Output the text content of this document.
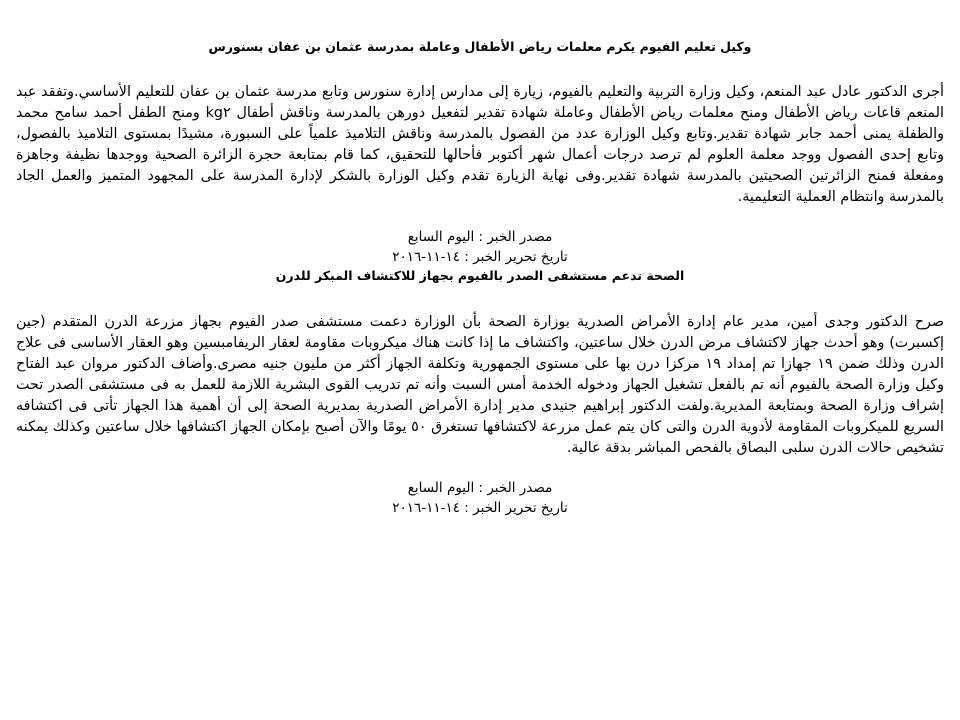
وكيل تعليم الفيوم يكرم معلمات رياض الأطفال وعاملة بمدرسة عثمان بن عفان بسنورس

أجرى الدكتور عادل عبد المنعم، وكيل وزارة التربية والتعليم بالفيوم، زيارة إلى مدارس إدارة سنورس وتابع مدرسة عثمان بن عفان للتعليم الأساسي.وتفقد عبد المنعم قاعات رياض الأطفال ومنح معلمات رياض الأطفال وعاملة شهادة تقدير لتفعيل دورهن بالمدرسة وناقش أطفال kg٢ ومنح الطفل أحمد سامح محمد والطفلة يمنى أحمد جابر شهادة تقدير.وتابع وكيل الوزارة عدد من الفصول بالمدرسة وناقش التلاميذ علمياً على السبورة، مشيدًا بمستوى التلاميذ بالفصول، وتابع إحدى الفصول ووجد معلمة العلوم لم ترصد درجات أعمال شهر أكتوبر فأحالها للتحقيق، كما قام بمتابعة حجرة الزائرة الصحية ووجدها نظيفة وجاهزة ومفعلة فمنح الزائرتين الصحيتين بالمدرسة شهادة تقدير.وفى نهاية الزيارة تقدم وكيل الوزارة بالشكر لإدارة المدرسة على المجهود المتميز والعمل الجاد بالمدرسة وانتظام العملية التعليمية.

مصدر الخبر : اليوم السابع

تاريخ تحرير الخبر : ١٤-١١-٢٠١٦

الصحة تدعم مستشفى الصدر بالفيوم بجهاز للاكتشاف المبكر للدرن

صرح الدكتور وجدى أمين، مدير عام إدارة الأمراض الصدرية بوزارة الصحة بأن الوزارة دعمت مستشفى صدر الفيوم بجهاز مزرعة الدرن المتقدم (جين إكسبرت) وهو أحدث جهاز لاكتشاف مرض الدرن خلال ساعتين، واكتشاف ما إذا كانت هناك ميكروبات مقاومة لعقار الريفامبسين وهو العقار الأساسى فى علاج الدرن وذلك ضمن ١٩ جهازا تم إمداد ١٩ مركزا درن بها على مستوى الجمهورية وتكلفة الجهاز أكثر من مليون جنيه مصرى.وأضاف الدكتور مروان عبد الفتاح وكيل وزارة الصحة بالفيوم أنه تم بالفعل تشغيل الجهاز ودخوله الخدمة أمس السبت وأنه تم تدريب القوى البشرية اللازمة للعمل به فى مستشفى الصدر تحت إشراف وزارة الصحة وبمتابعة المديرية.ولفت الدكتور إبراهيم جنيدى مدير إدارة الأمراض الصدرية بمديرية الصحة إلى أن أهمية هذا الجهاز تأتى فى اكتشافه السريع للميكروبات المقاومة لأدوية الدرن والتى كان يتم عمل مزرعة لاكتشافها تستغرق ٥٠ يومًا والآن أصبح بإمكان الجهاز اكتشافها خلال ساعتين وكذلك يمكنه تشخيص حالات الدرن سلبى البصاق بالفحص المباشر بدقة عالية.

مصدر الخبر : اليوم السابع

تاريخ تحرير الخبر : ١٤-١١-٢٠١٦
